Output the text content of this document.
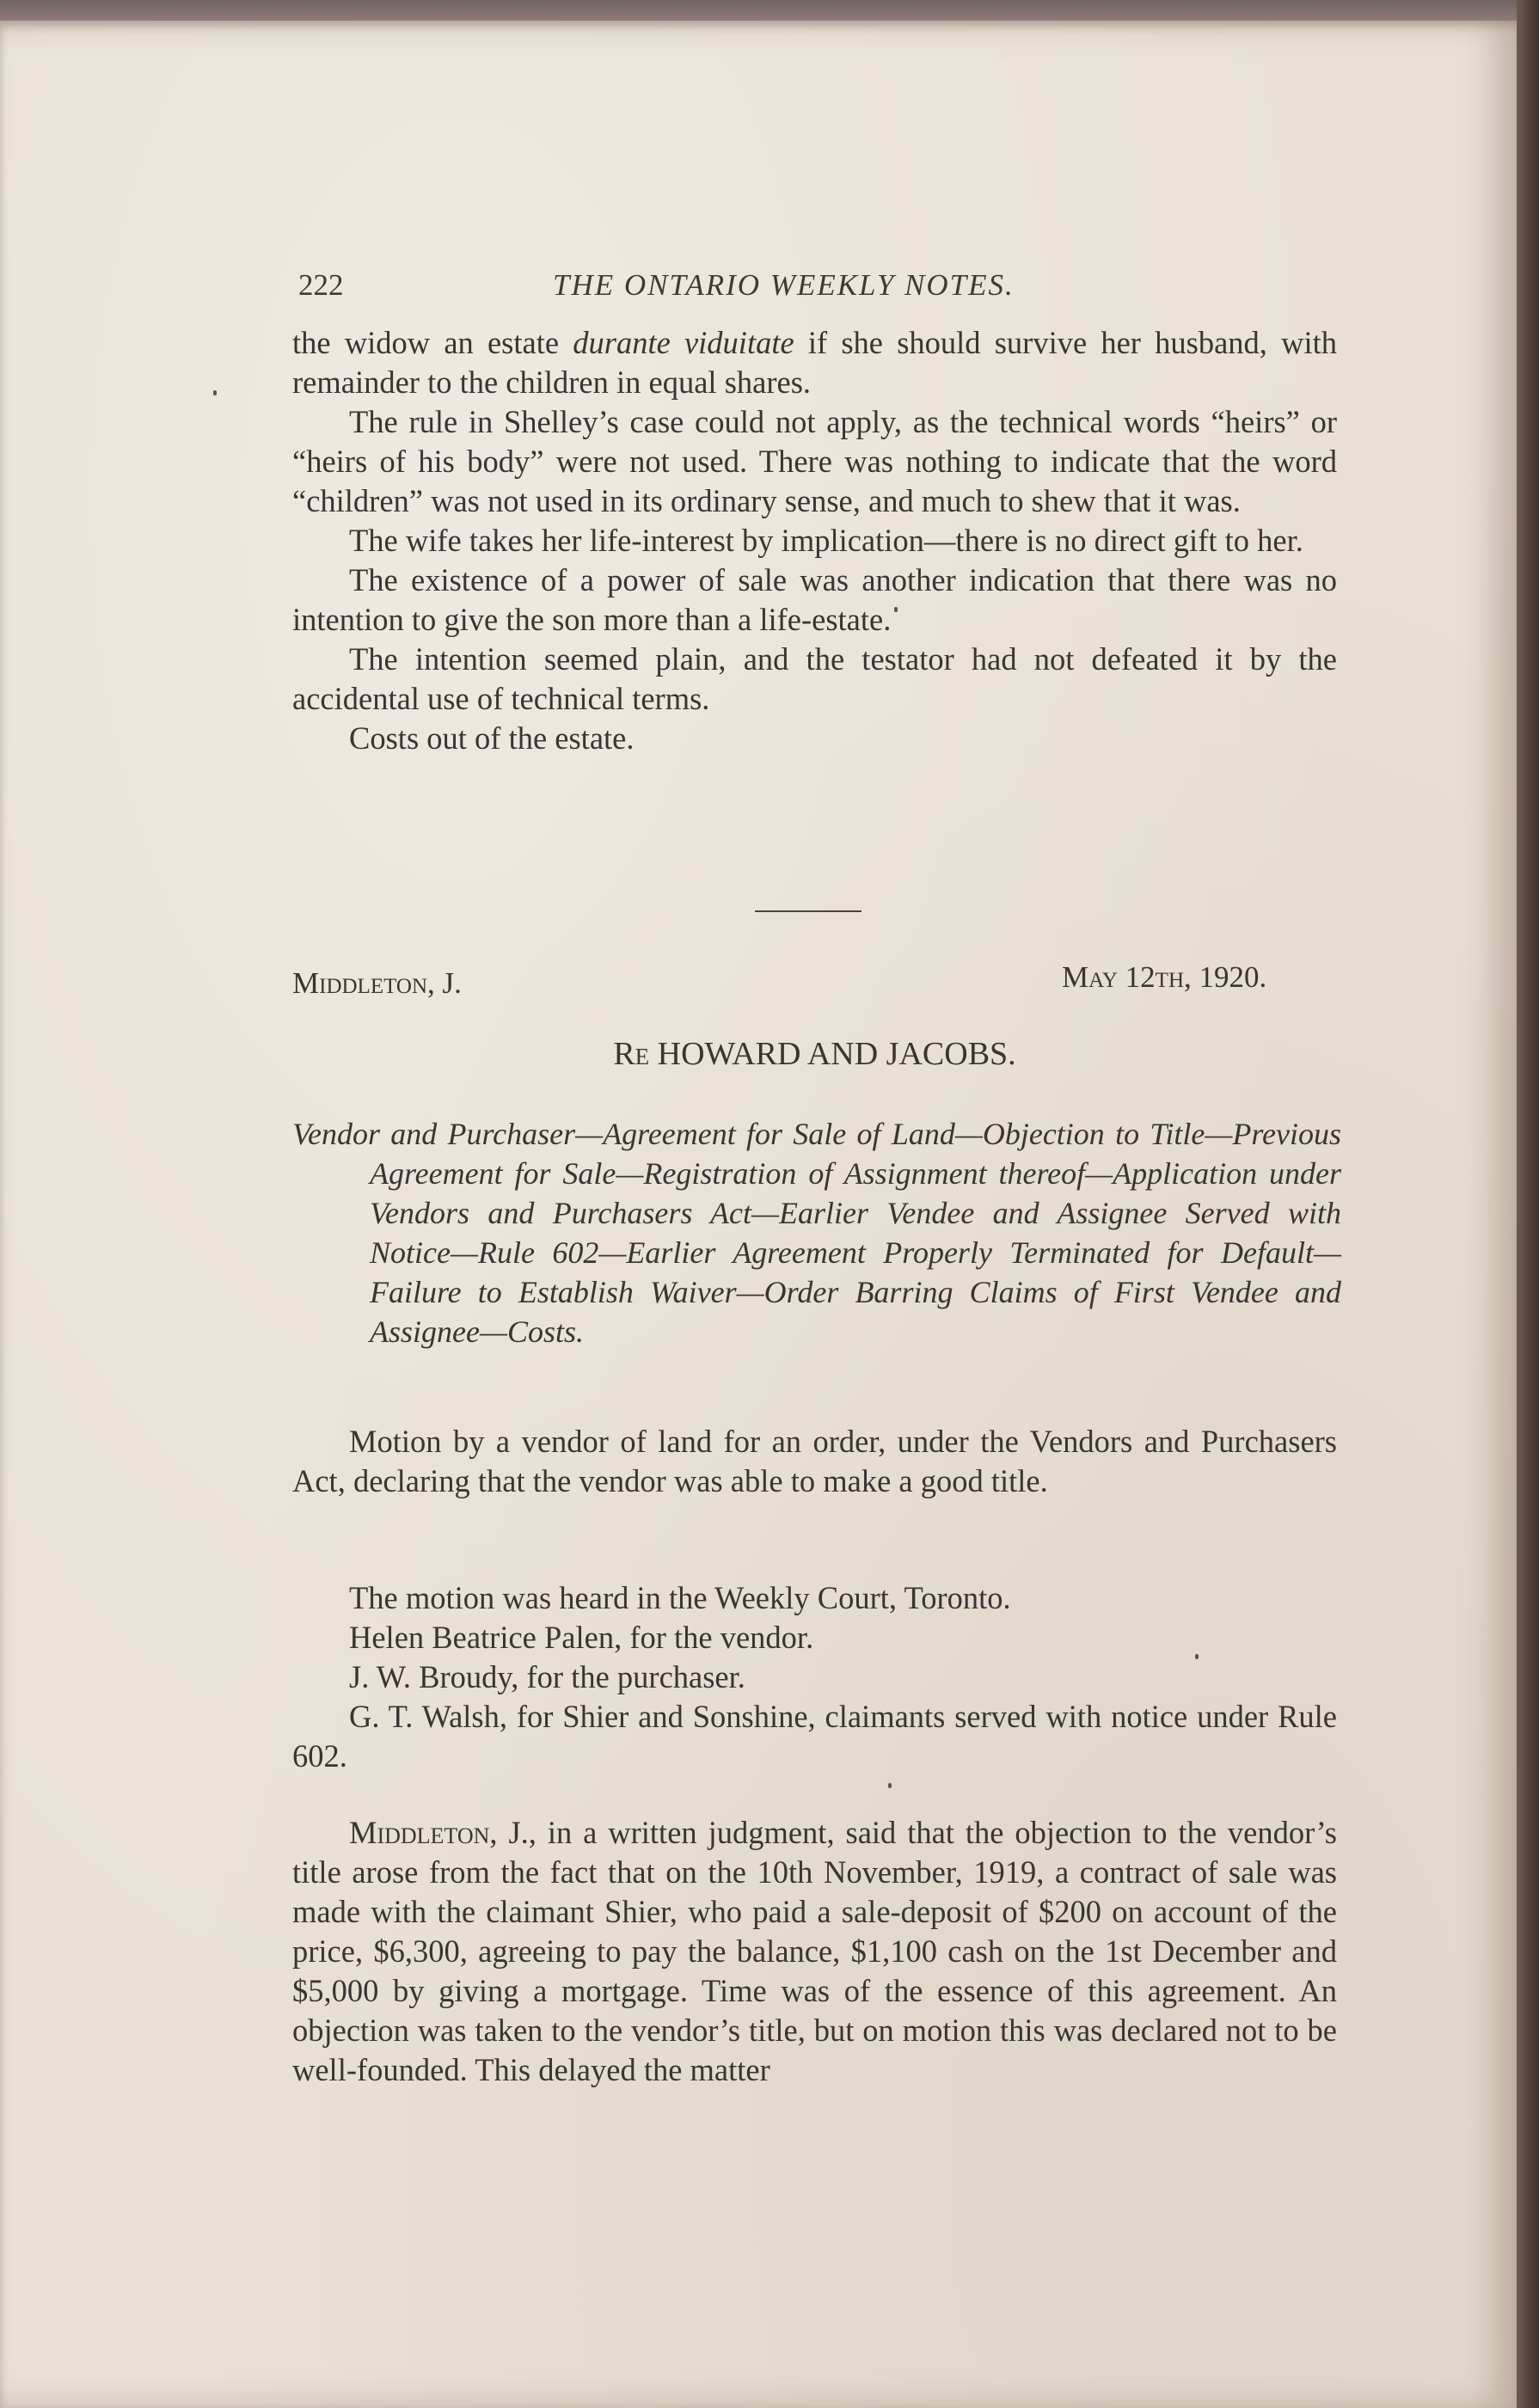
222	THE ONTARIO WEEKLY NOTES.

the widow an estate durante viduitate if she should survive her husband, with remainder to the children in equal shares.

The rule in Shelley’s case could not apply, as the technical words “heirs” or “heirs of his body” were not used. There was nothing to indicate that the word “children” was not used in its ordinary sense, and much to shew that it was.

The wife takes her life-interest by implication—there is no direct gift to her.

The existence of a power of sale was another indication that there was no intention to give the son more than a life-estate.

The intention seemed plain, and the testator had not defeated it by the accidental use of technical terms.

Costs out of the estate.

Middleton, J.	May 12th, 1920.
Re HOWARD AND JACOBS.
Vendor and Purchaser—Agreement for Sale of Land—Objection to Title—Previous Agreement for Sale—Registration of Assignment thereof—Application under Vendors and Purchasers Act—Earlier Vendee and Assignee Served with Notice—Rule 602—Earlier Agreement Properly Terminated for Default—Failure to Establish Waiver—Order Barring Claims of First Vendee and Assignee—Costs.

Motion by a vendor of land for an order, under the Vendors and Purchasers Act, declaring that the vendor was able to make a good title.

The motion was heard in the Weekly Court, Toronto.

Helen Beatrice Palen, for the vendor.

J. W. Broudy, for the purchaser.

G. T. Walsh, for Shier and Sonshine, claimants served with notice under Rule 602.

Middleton, J., in a written judgment, said that the objection to the vendor’s title arose from the fact that on the 10th November, 1919, a contract of sale was made with the claimant Shier, who paid a sale-deposit of $200 on account of the price, $6,300, agreeing to pay the balance, $1,100 cash on the 1st December and $5,000 by giving a mortgage. Time was of the essence of this agreement. An objection was taken to the vendor’s title, but on motion this was declared not to be well-founded. This delayed the matter
